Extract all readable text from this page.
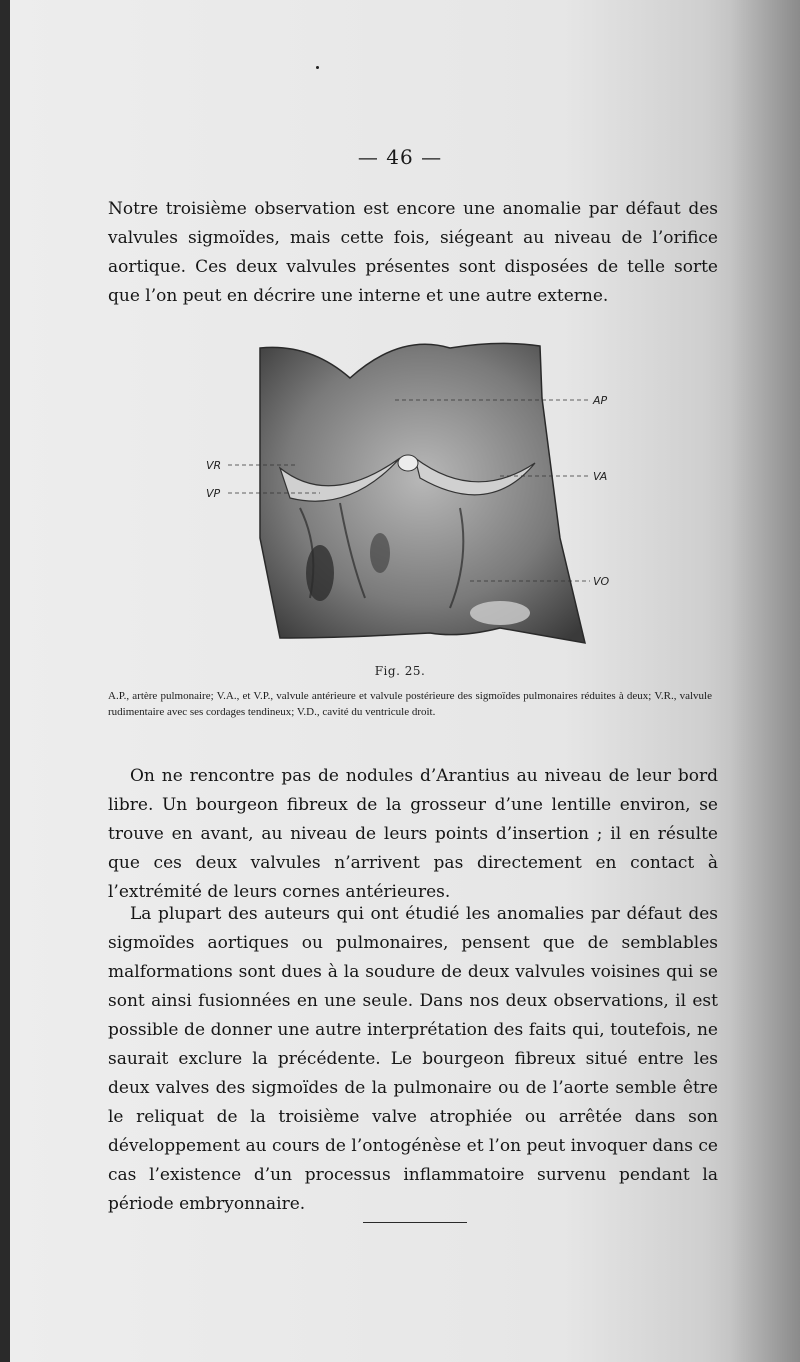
— 46 —

Notre troisième observation est encore une anomalie par défaut des valvules sigmoïdes, mais cette fois, siégeant au niveau de l’orifice aortique. Ces deux valvules présentes sont disposées de telle sorte que l’on peut en décrire une interne et une autre externe.

AP
VR
VP
VA
VO
Fig. 25.

A.P., artère pulmonaire; V.A., et V.P., valvule antérieure et valvule postérieure des sigmoïdes pulmonaires réduites à deux; V.R., valvule rudimentaire avec ses cordages tendineux; V.D., cavité du ventricule droit.

On ne rencontre pas de nodules d’Arantius au niveau de leur bord libre. Un bourgeon fibreux de la grosseur d’une lentille environ, se trouve en avant, au niveau de leurs points d’insertion ; il en résulte que ces deux valvules n’arrivent pas directement en contact à l’extrémité de leurs cornes antérieures.

La plupart des auteurs qui ont étudié les anomalies par défaut des sigmoïdes aortiques ou pulmonaires, pensent que de semblables malformations sont dues à la soudure de deux valvules voisines qui se sont ainsi fusionnées en une seule. Dans nos deux observations, il est possible de donner une autre interprétation des faits qui, toutefois, ne saurait exclure la précédente. Le bourgeon fibreux situé entre les deux valves des sigmoïdes de la pulmonaire ou de l’aorte semble être le reliquat de la troisième valve atrophiée ou arrêtée dans son développement au cours de l’ontogénèse et l’on peut invoquer dans ce cas l’existence d’un processus inflammatoire survenu pendant la période embryonnaire.
